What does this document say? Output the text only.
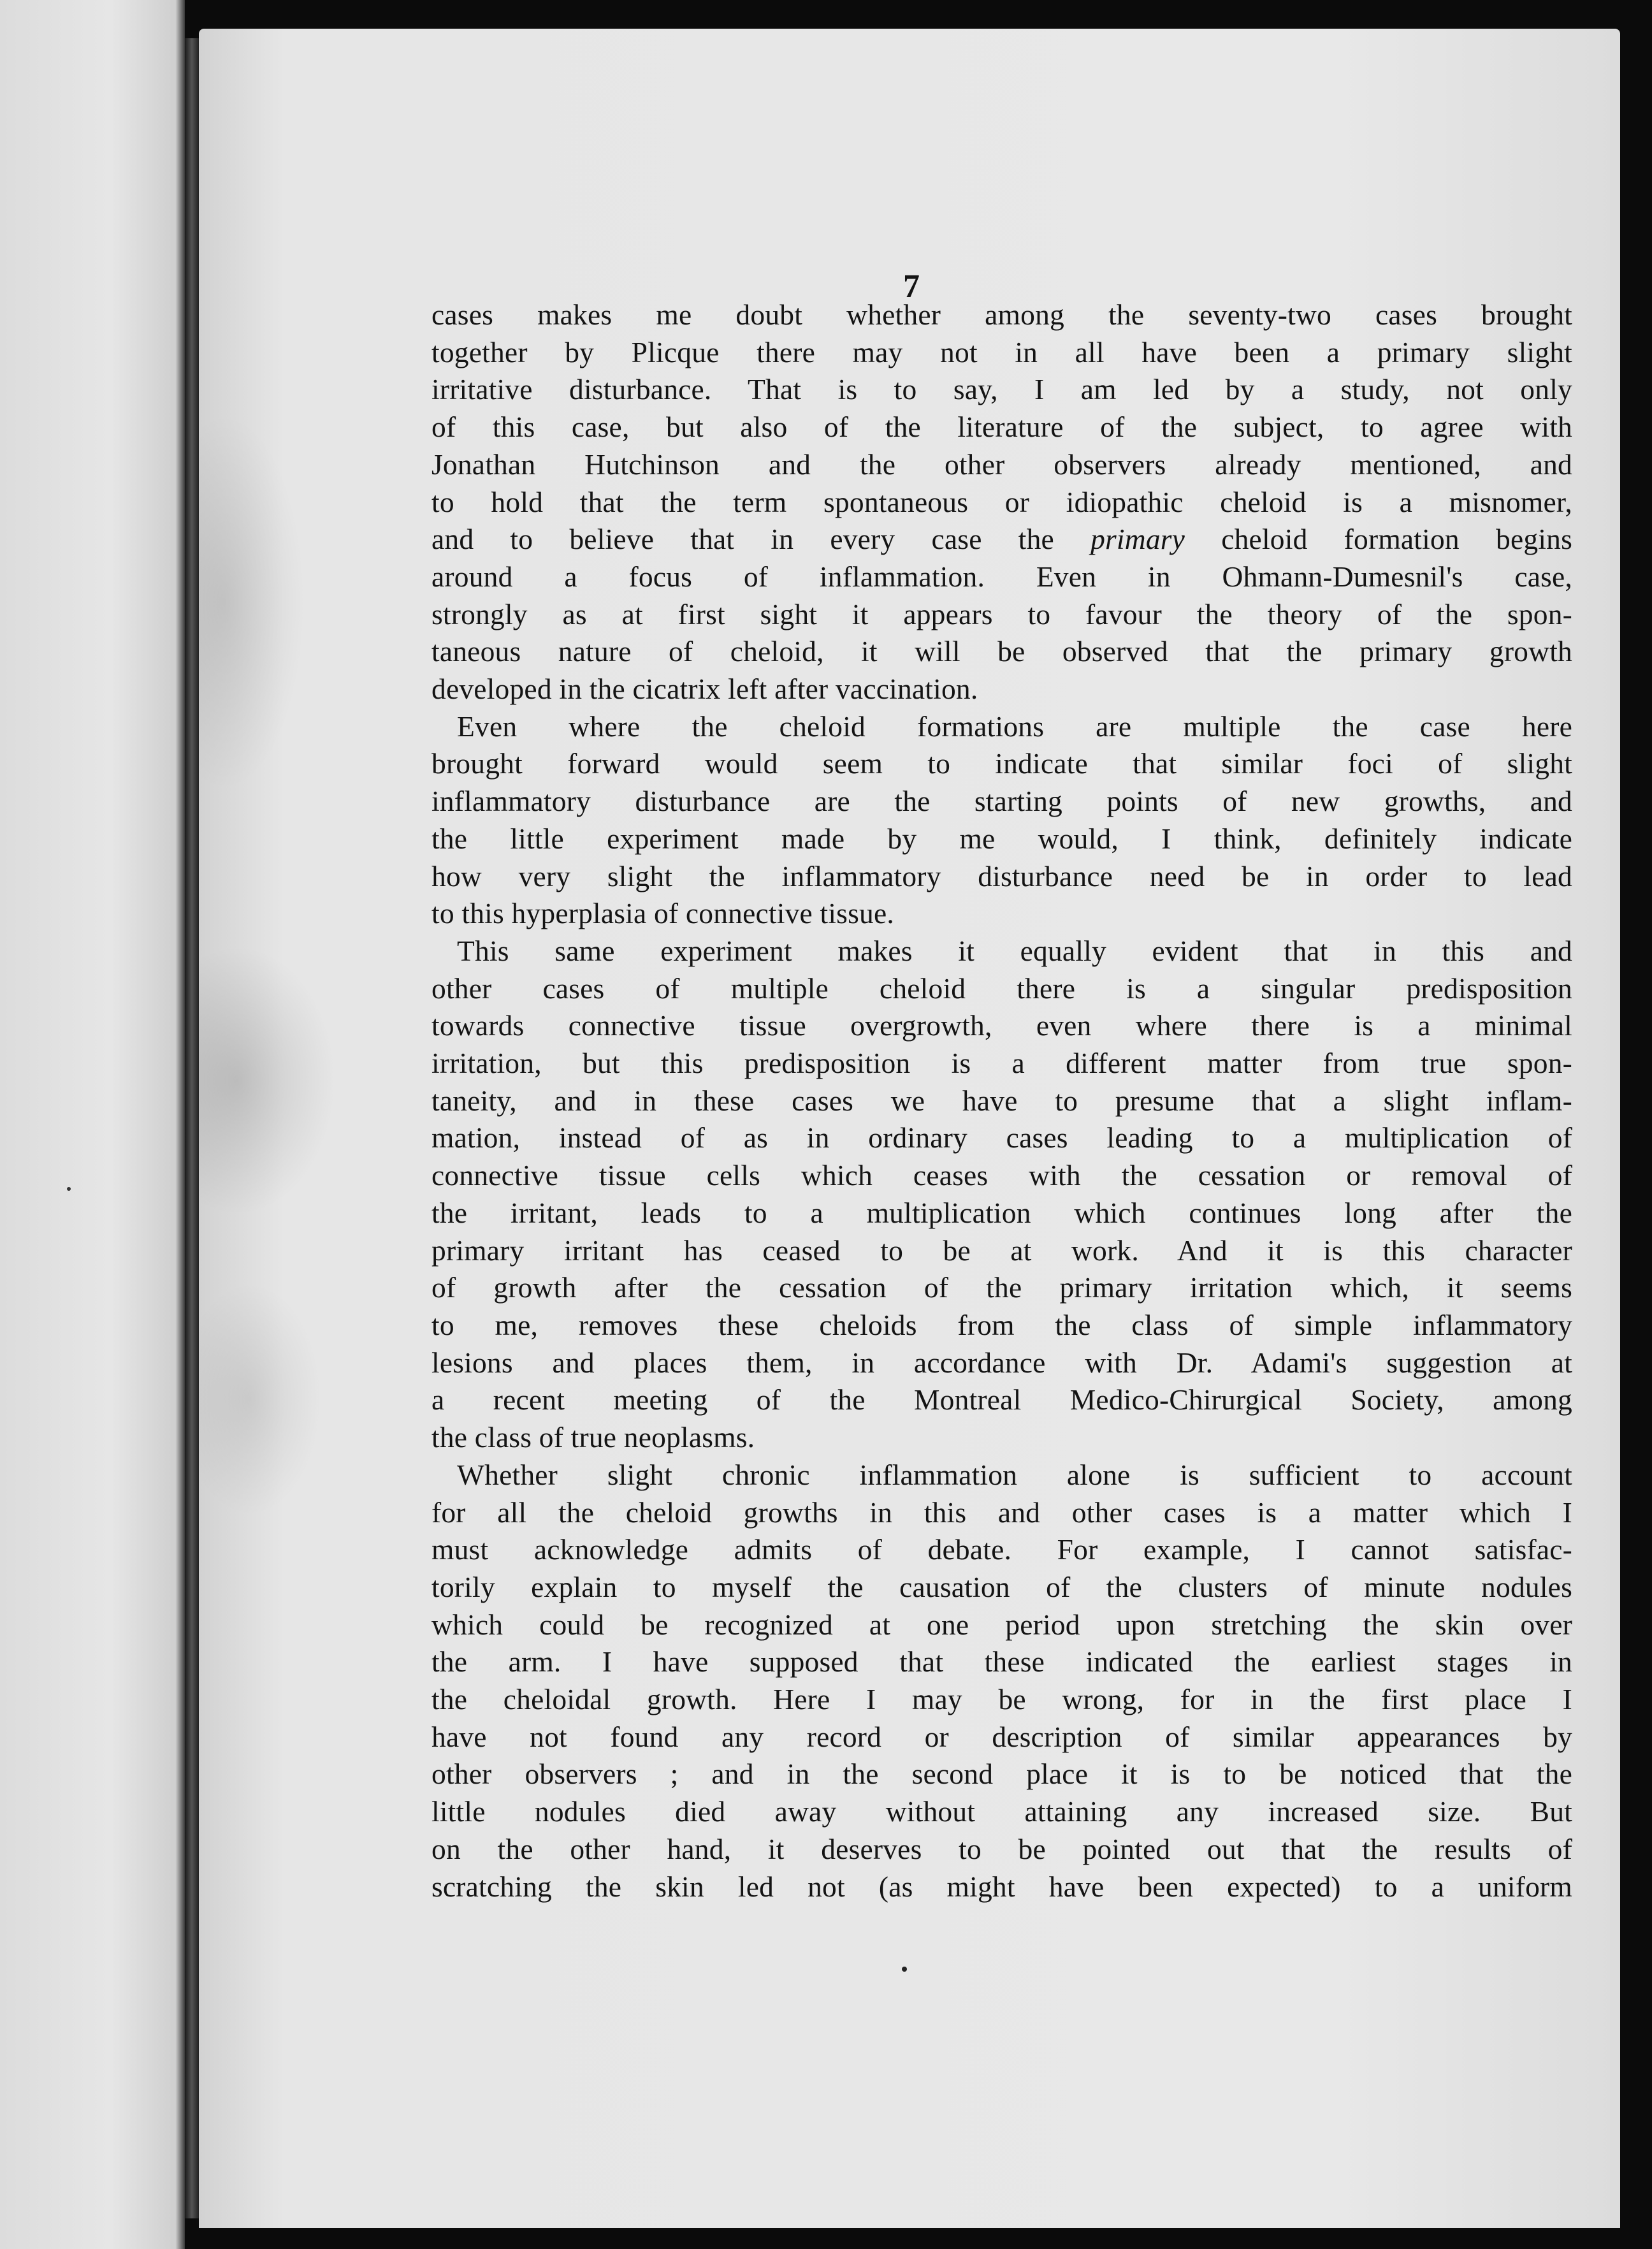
7

cases makes me doubt whether among the seventy-two cases brought
together by Plicque there may not in all have been a primary slight
irritative disturbance. That is to say, I am led by a study, not only
of this case, but also of the literature of the subject, to agree with
Jonathan Hutchinson and the other observers already mentioned, and
to hold that the term spontaneous or idiopathic cheloid is a misnomer,
and to believe that in every case the primary cheloid formation begins
around a focus of inflammation. Even in Ohmann-Dumesnil's case,
strongly as at first sight it appears to favour the theory of the spon-
taneous nature of cheloid, it will be observed that the primary growth
developed in the cicatrix left after vaccination.

Even where the cheloid formations are multiple the case here
brought forward would seem to indicate that similar foci of slight
inflammatory disturbance are the starting points of new growths, and
the little experiment made by me would, I think, definitely indicate
how very slight the inflammatory disturbance need be in order to lead
to this hyperplasia of connective tissue.

This same experiment makes it equally evident that in this and
other cases of multiple cheloid there is a singular predisposition
towards connective tissue overgrowth, even where there is a minimal
irritation, but this predisposition is a different matter from true spon-
taneity, and in these cases we have to presume that a slight inflam-
mation, instead of as in ordinary cases leading to a multiplication of
connective tissue cells which ceases with the cessation or removal of
the irritant, leads to a multiplication which continues long after the
primary irritant has ceased to be at work. And it is this character
of growth after the cessation of the primary irritation which, it seems
to me, removes these cheloids from the class of simple inflammatory
lesions and places them, in accordance with Dr. Adami's suggestion at
a recent meeting of the Montreal Medico-Chirurgical Society, among
the class of true neoplasms.

Whether slight chronic inflammation alone is sufficient to account
for all the cheloid growths in this and other cases is a matter which I
must acknowledge admits of debate. For example, I cannot satisfac-
torily explain to myself the causation of the clusters of minute nodules
which could be recognized at one period upon stretching the skin over
the arm. I have supposed that these indicated the earliest stages in
the cheloidal growth. Here I may be wrong, for in the first place I
have not found any record or description of similar appearances by
other observers ; and in the second place it is to be noticed that the
little nodules died away without attaining any increased size. But
on the other hand, it deserves to be pointed out that the results of
scratching the skin led not (as might have been expected) to a uniform
